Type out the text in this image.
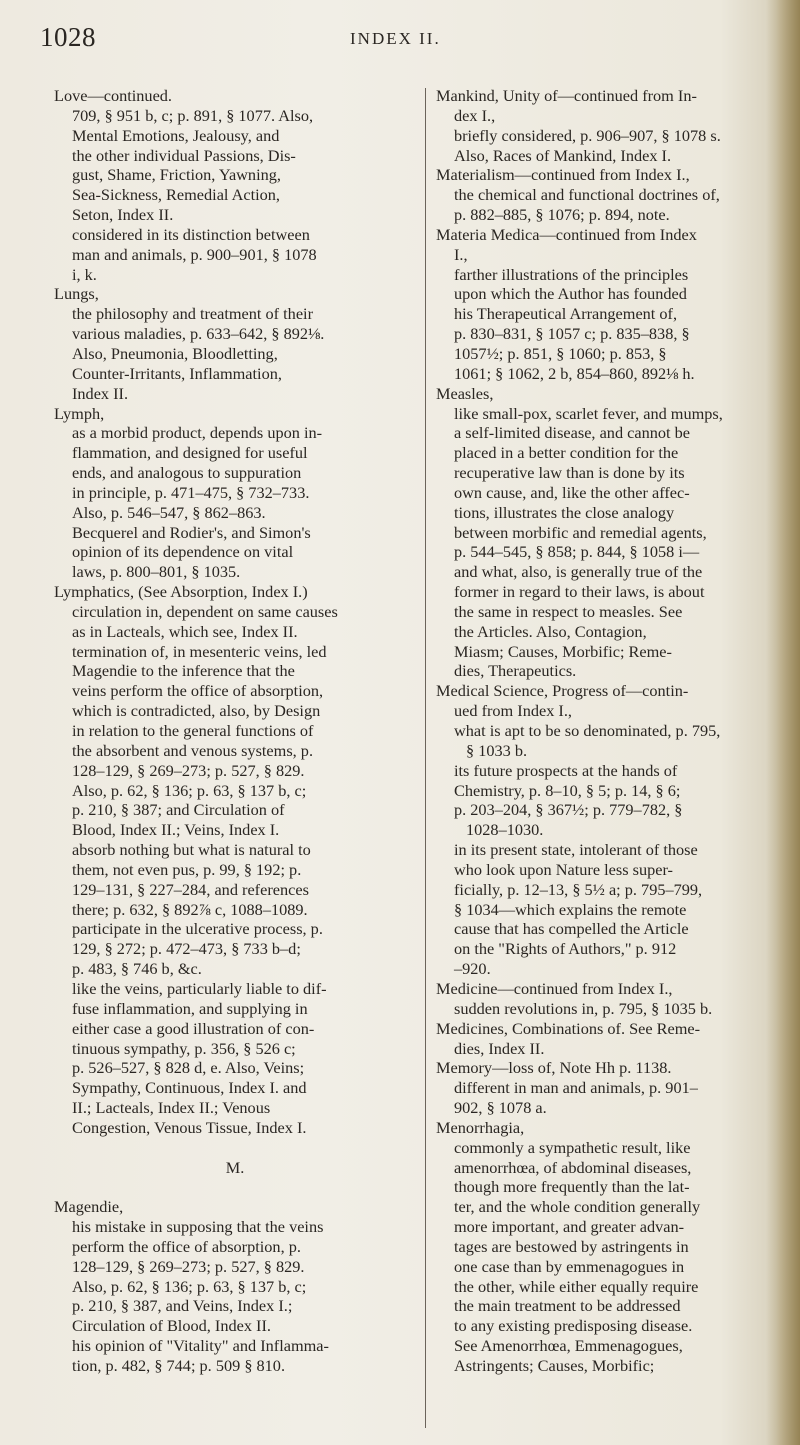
1028	INDEX II.
Love—continued.
709, § 951 b, c; p. 891, § 1077. Also,
Mental Emotions, Jealousy, and
the other individual Passions, Dis-
gust, Shame, Friction, Yawning,
Sea-Sickness, Remedial Action,
Seton, Index II.
considered in its distinction between
man and animals, p. 900–901, § 1078
i, k.
Lungs,
the philosophy and treatment of their
various maladies, p. 633–642, § 892⅛.
Also, Pneumonia, Bloodletting,
Counter-Irritants, Inflammation,
Index II.
Lymph,
as a morbid product, depends upon in-
flammation, and designed for useful
ends, and analogous to suppuration
in principle, p. 471–475, § 732–733.
Also, p. 546–547, § 862–863.
Becquerel and Rodier's, and Simon's
opinion of its dependence on vital
laws, p. 800–801, § 1035.
Lymphatics, (See Absorption, Index I.)
circulation in, dependent on same causes
as in Lacteals, which see, Index II.
termination of, in mesenteric veins, led
Magendie to the inference that the
veins perform the office of absorption,
which is contradicted, also, by Design
in relation to the general functions of
the absorbent and venous systems, p.
128–129, § 269–273; p. 527, § 829.
Also, p. 62, § 136; p. 63, § 137 b, c;
p. 210, § 387; and Circulation of
Blood, Index II.; Veins, Index I.
absorb nothing but what is natural to
them, not even pus, p. 99, § 192; p.
129–131, § 227–284, and references
there; p. 632, § 892⅞ c, 1088–1089.
participate in the ulcerative process, p.
129, § 272; p. 472–473, § 733 b–d;
p. 483, § 746 b, &c.
like the veins, particularly liable to dif-
fuse inflammation, and supplying in
either case a good illustration of con-
tinuous sympathy, p. 356, § 526 c;
p. 526–527, § 828 d, e. Also, Veins;
Sympathy, Continuous, Index I. and
II.; Lacteals, Index II.; Venous
Congestion, Venous Tissue, Index I.

M.

Magendie,
his mistake in supposing that the veins
perform the office of absorption, p.
128–129, § 269–273; p. 527, § 829.
Also, p. 62, § 136; p. 63, § 137 b, c;
p. 210, § 387, and Veins, Index I.;
Circulation of Blood, Index II.
his opinion of "Vitality" and Inflamma-
tion, p. 482, § 744; p. 509 § 810.
Mankind, Unity of—continued from In-
dex I.,
briefly considered, p. 906–907, § 1078 s.
Also, Races of Mankind, Index I.
Materialism—continued from Index I.,
the chemical and functional doctrines of,
p. 882–885, § 1076; p. 894, note.
Materia Medica—continued from Index
I.,
farther illustrations of the principles
upon which the Author has founded
his Therapeutical Arrangement of,
p. 830–831, § 1057 c; p. 835–838, §
1057½; p. 851, § 1060; p. 853, §
1061; § 1062, 2 b, 854–860, 892⅛ h.
Measles,
like small-pox, scarlet fever, and mumps,
a self-limited disease, and cannot be
placed in a better condition for the
recuperative law than is done by its
own cause, and, like the other affec-
tions, illustrates the close analogy
between morbific and remedial agents,
p. 544–545, § 858; p. 844, § 1058 i—
and what, also, is generally true of the
former in regard to their laws, is about
the same in respect to measles. See
the Articles. Also, Contagion,
Miasm; Causes, Morbific; Reme-
dies, Therapeutics.
Medical Science, Progress of—contin-
ued from Index I.,
what is apt to be so denominated, p. 795,
§ 1033 b.
its future prospects at the hands of
Chemistry, p. 8–10, § 5; p. 14, § 6;
p. 203–204, § 367½; p. 779–782, §
1028–1030.
in its present state, intolerant of those
who look upon Nature less super-
ficially, p. 12–13, § 5½ a; p. 795–799,
§ 1034—which explains the remote
cause that has compelled the Article
on the "Rights of Authors," p. 912
–920.
Medicine—continued from Index I.,
sudden revolutions in, p. 795, § 1035 b.
Medicines, Combinations of. See Reme-
dies, Index II.
Memory—loss of, Note Hh p. 1138.
different in man and animals, p. 901–
902, § 1078 a.
Menorrhagia,
commonly a sympathetic result, like
amenorrhœa, of abdominal diseases,
though more frequently than the lat-
ter, and the whole condition generally
more important, and greater advan-
tages are bestowed by astringents in
one case than by emmenagogues in
the other, while either equally require
the main treatment to be addressed
to any existing predisposing disease.
See Amenorrhœa, Emmenagogues,
Astringents; Causes, Morbific;
